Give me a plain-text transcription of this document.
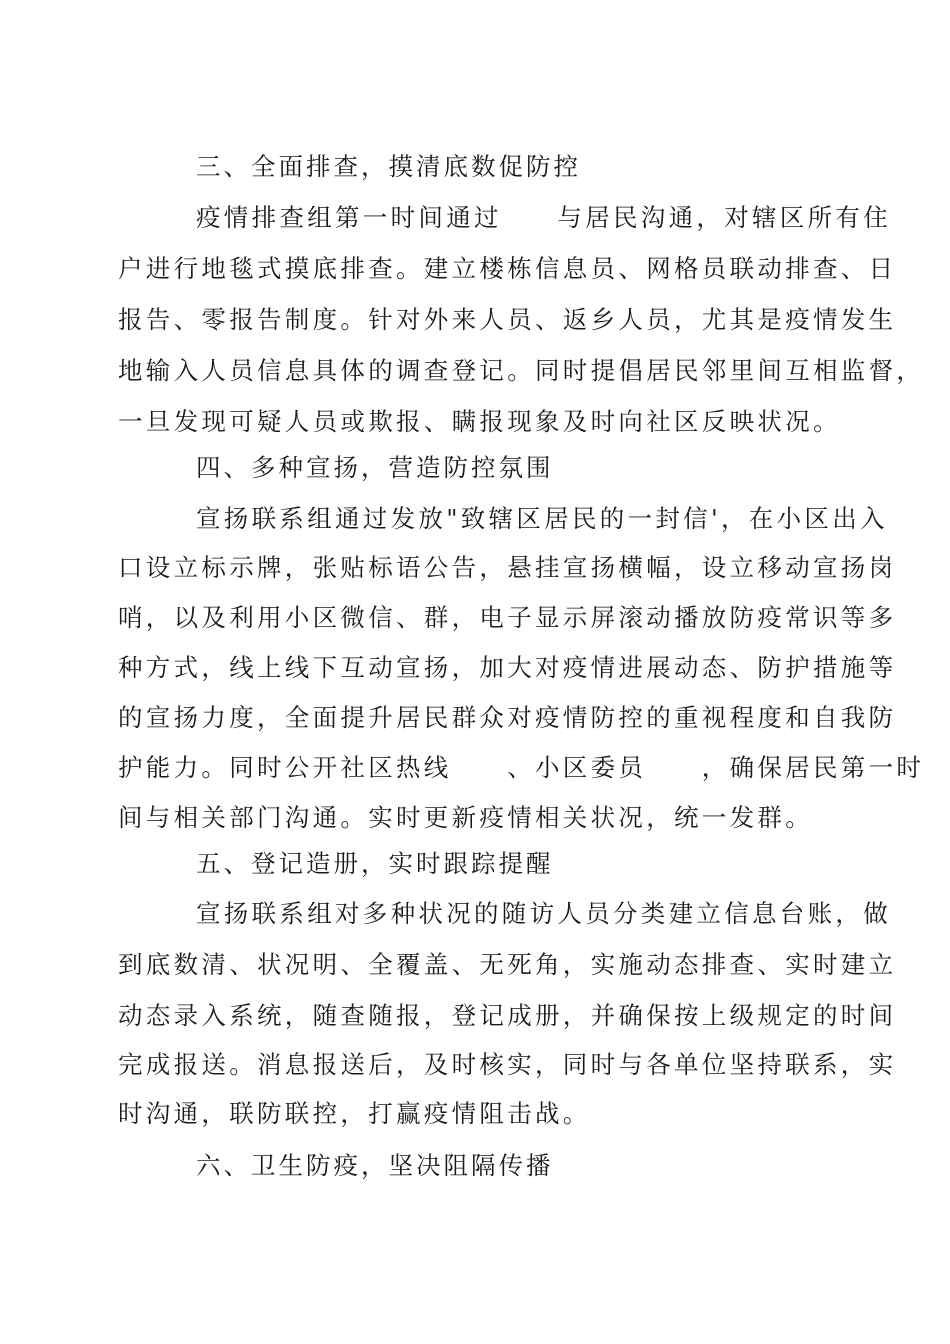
三、全面排查，摸清底数促防控
疫情排查组第一时间通过　　与居民沟通，对辖区所有住
户进行地毯式摸底排查。建立楼栋信息员、网格员联动排查、日
报告、零报告制度。针对外来人员、返乡人员，尤其是疫情发生
地输入人员信息具体的调查登记。同时提倡居民邻里间互相监督，
一旦发现可疑人员或欺报、瞒报现象及时向社区反映状况。
四、多种宣扬，营造防控氛围
宣扬联系组通过发放"致辖区居民的一封信'，在小区出入
口设立标示牌，张贴标语公告，悬挂宣扬横幅，设立移动宣扬岗
哨，以及利用小区微信、群，电子显示屏滚动播放防疫常识等多
种方式，线上线下互动宣扬，加大对疫情进展动态、防护措施等
的宣扬力度，全面提升居民群众对疫情防控的重视程度和自我防
护能力。同时公开社区热线　　、小区委员　　，确保居民第一时
间与相关部门沟通。实时更新疫情相关状况，统一发群。
五、登记造册，实时跟踪提醒
宣扬联系组对多种状况的随访人员分类建立信息台账，做
到底数清、状况明、全覆盖、无死角，实施动态排查、实时建立
动态录入系统，随查随报，登记成册，并确保按上级规定的时间
完成报送。消息报送后，及时核实，同时与各单位坚持联系，实
时沟通，联防联控，打赢疫情阻击战。
六、卫生防疫，坚决阻隔传播
